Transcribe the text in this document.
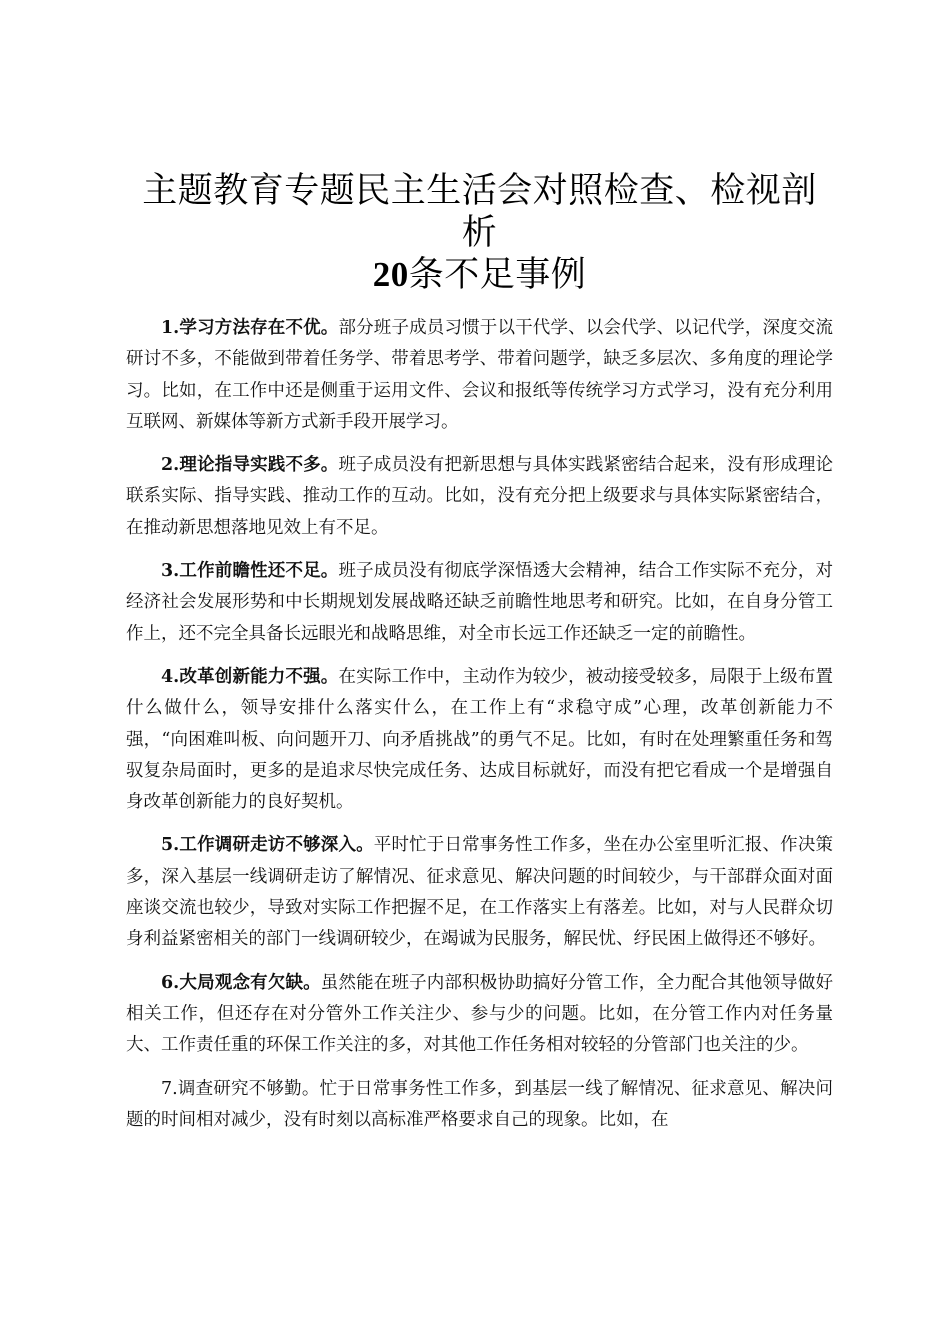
主题教育专题民主生活会对照检查、检视剖析
20条不足事例

1.学习方法存在不优。部分班子成员习惯于以干代学、以会代学、以记代学，深度交流研讨不多，不能做到带着任务学、带着思考学、带着问题学，缺乏多层次、多角度的理论学习。比如，在工作中还是侧重于运用文件、会议和报纸等传统学习方式学习，没有充分利用互联网、新媒体等新方式新手段开展学习。

2.理论指导实践不多。班子成员没有把新思想与具体实践紧密结合起来，没有形成理论联系实际、指导实践、推动工作的互动。比如，没有充分把上级要求与具体实际紧密结合，在推动新思想落地见效上有不足。

3.工作前瞻性还不足。班子成员没有彻底学深悟透大会精神，结合工作实际不充分，对经济社会发展形势和中长期规划发展战略还缺乏前瞻性地思考和研究。比如，在自身分管工作上，还不完全具备长远眼光和战略思维，对全市长远工作还缺乏一定的前瞻性。

4.改革创新能力不强。在实际工作中，主动作为较少，被动接受较多，局限于上级布置什么做什么，领导安排什么落实什么，在工作上有“求稳守成”心理，改革创新能力不强，“向困难叫板、向问题开刀、向矛盾挑战”的勇气不足。比如，有时在处理繁重任务和驾驭复杂局面时，更多的是追求尽快完成任务、达成目标就好，而没有把它看成一个是增强自身改革创新能力的良好契机。

5.工作调研走访不够深入。平时忙于日常事务性工作多，坐在办公室里听汇报、作决策多，深入基层一线调研走访了解情况、征求意见、解决问题的时间较少，与干部群众面对面座谈交流也较少，导致对实际工作把握不足，在工作落实上有落差。比如，对与人民群众切身利益紧密相关的部门一线调研较少，在竭诚为民服务，解民忧、纾民困上做得还不够好。

6.大局观念有欠缺。虽然能在班子内部积极协助搞好分管工作，全力配合其他领导做好相关工作，但还存在对分管外工作关注少、参与少的问题。比如，在分管工作内对任务量大、工作责任重的环保工作关注的多，对其他工作任务相对较轻的分管部门也关注的少。

7.调查研究不够勤。忙于日常事务性工作多，到基层一线了解情况、征求意见、解决问题的时间相对减少，没有时刻以高标准严格要求自己的现象。比如，在
